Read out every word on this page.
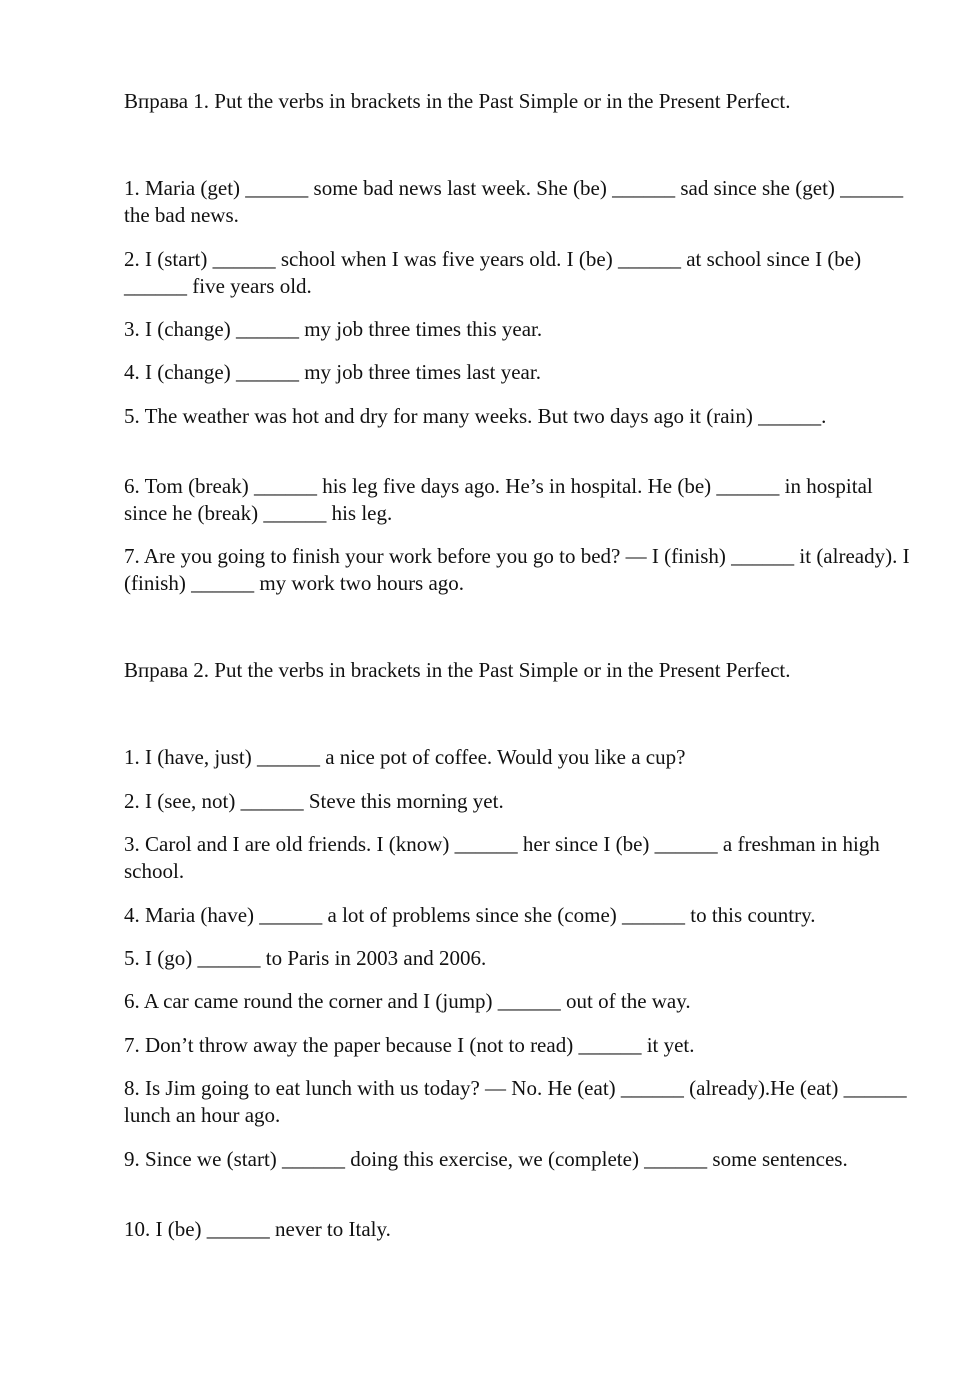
Вправа 1. Put the verbs in brackets in the Past Simple or in the Present Perfect.

1. Maria (get) ______ some bad news last week. She (be) ______ sad since she (get) ______ the bad news.

2. I (start) ______ school when I was five years old. I (be) ______ at school since I (be) ______ five years old.

3. I (change) ______ my job three times this year.

4. I (change) ______ my job three times last year.

5. The weather was hot and dry for many weeks. But two days ago it (rain) ______.

6. Tom (break) ______ his leg five days ago. He’s in hospital. He (be) ______ in hospital since he (break) ______ his leg.

7. Are you going to finish your work before you go to bed? — I (finish) ______ it (already). I (finish) ______ my work two hours ago.

Вправа 2. Put the verbs in brackets in the Past Simple or in the Present Perfect.

1. I (have, just) ______ a nice pot of coffee. Would you like a cup?

2. I (see, not) ______ Steve this morning yet.

3. Carol and I are old friends. I (know) ______ her since I (be) ______ a freshman in high school.

4. Maria (have) ______ a lot of problems since she (come) ______ to this country.

5. I (go) ______ to Paris in 2003 and 2006.

6. A car came round the corner and I (jump) ______ out of the way.

7. Don’t throw away the paper because I (not to read) ______ it yet.

8. Is Jim going to eat lunch with us today? — No. He (eat) ______ (already).He (eat) ______ lunch an hour ago.

9. Since we (start) ______ doing this exercise, we (complete) ______ some sentences.

10. I (be) ______ never to Italy.
